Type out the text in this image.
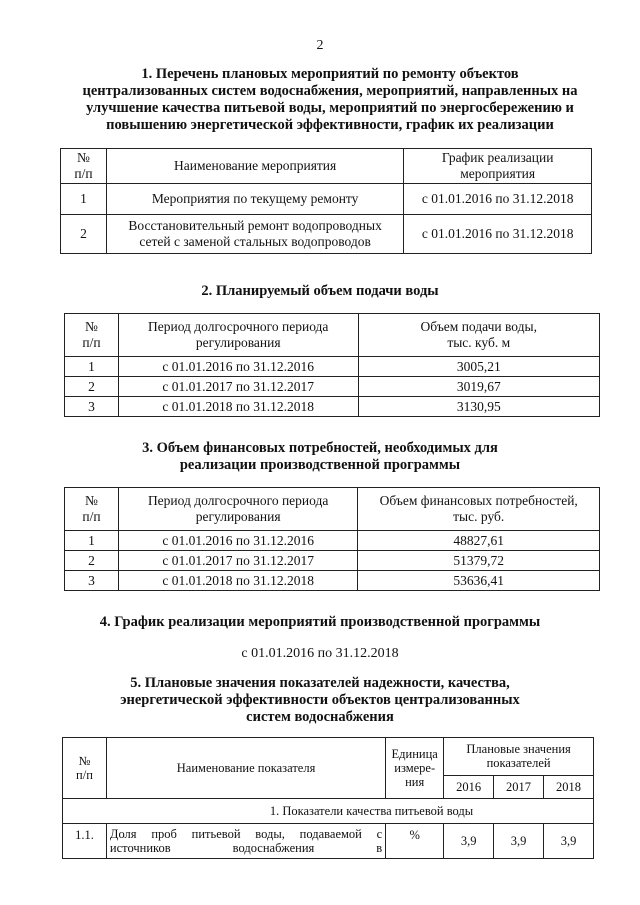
2
1. Перечень плановых мероприятий по ремонту объектов
централизованных систем водоснабжения, мероприятий, направленных на
улучшение качества питьевой воды, мероприятий по энергосбережению и
повышению энергетической эффективности, график их реализации
№
п/п	Наименование мероприятия	График реализации
мероприятия
1	Мероприятия по текущему ремонту	с 01.01.2016 по 31.12.2018
2	Восстановительный ремонт водопроводных
сетей с заменой стальных водопроводов	с 01.01.2016 по 31.12.2018
2. Планируемый объем подачи воды
№
п/п	Период долгосрочного периода
регулирования	Объем подачи воды,
тыс. куб. м
1	с 01.01.2016 по 31.12.2016	3005,21
2	с 01.01.2017 по 31.12.2017	3019,67
3	с 01.01.2018 по 31.12.2018	3130,95
3. Объем финансовых потребностей, необходимых для
реализации производственной программы
№
п/п	Период долгосрочного периода
регулирования	Объем финансовых потребностей,
тыс. руб.
1	с 01.01.2016 по 31.12.2016	48827,61
2	с 01.01.2017 по 31.12.2017	51379,72
3	с 01.01.2018 по 31.12.2018	53636,41
4. График реализации мероприятий производственной программы
с 01.01.2016 по 31.12.2018
5. Плановые значения показателей надежности, качества,
энергетической эффективности объектов централизованных
систем водоснабжения
№
п/п	Наименование показателя	Единица
измере-
ния	Плановые значения
показателей		
			2016	2017	2018
1. Показатели качества питьевой воды					
1.1.	Доля проб питьевой воды, подаваемой с источников водоснабжения в	%	3,9	3,9	3,9
